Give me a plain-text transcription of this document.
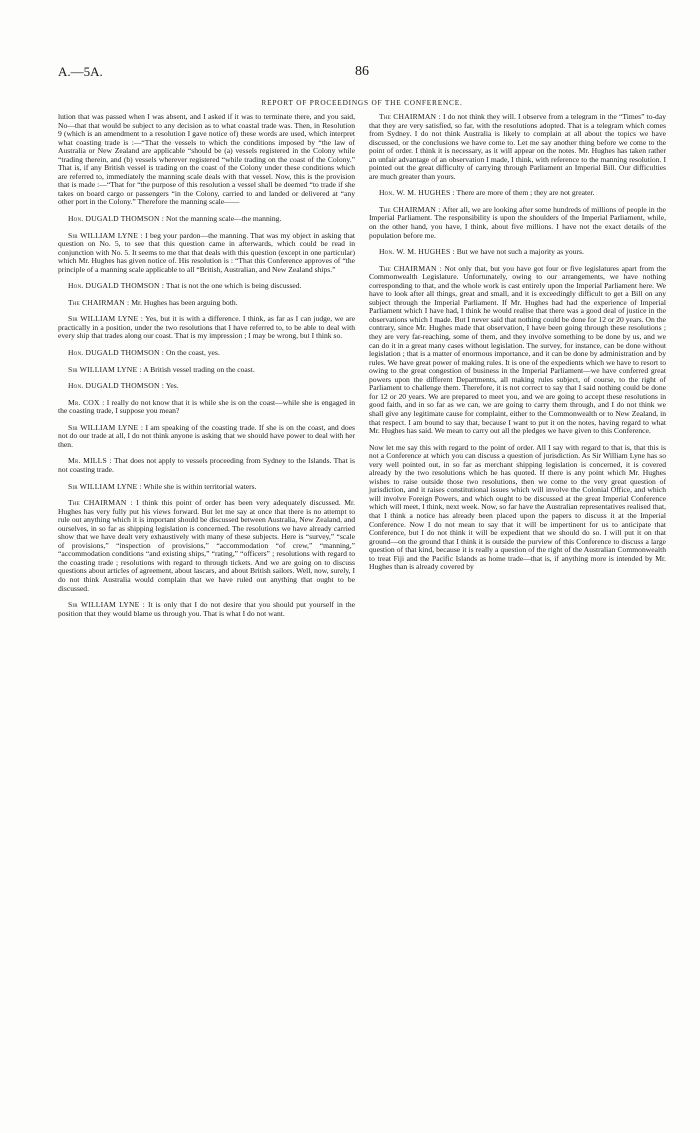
A.—5A.	86
REPORT OF PROCEEDINGS OF THE CONFERENCE.

lution that was passed when I was absent, and I asked if it was to terminate there, and you said, No—that that would be subject to any decision as to what coastal trade was. Then, in Resolution 9 (which is an amendment to a resolution I gave notice of) these words are used, which interpret what coasting trade is :—“That the vessels to which the conditions imposed by “the law of Australia or New Zealand are applicable “should be (a) vessels registered in the Colony while “trading therein, and (b) vessels wherever registered “while trading on the coast of the Colony.” That is, if any British vessel is trading on the coast of the Colony under these conditions which are referred to, immediately the manning scale deals with that vessel. Now, this is the provision that is made :—“That for “the purpose of this resolution a vessel shall be deemed “to trade if she takes on board cargo or passengers “in the Colony, carried to and landed or delivered at “any other port in the Colony.” Therefore the manning scale——

Hon. DUGALD THOMSON : Not the manning scale—the manning.

Sir WILLIAM LYNE : I beg your pardon—the manning. That was my object in asking that question on No. 5, to see that this question came in afterwards, which could be read in conjunction with No. 5. It seems to me that that deals with this question (except in one particular) which Mr. Hughes has given notice of. His resolution is : “That this Conference approves of “the principle of a manning scale applicable to all “British, Australian, and New Zealand ships.”

Hon. DUGALD THOMSON : That is not the one which is being discussed.

The CHAIRMAN : Mr. Hughes has been arguing both.

Sir WILLIAM LYNE : Yes, but it is with a difference. I think, as far as I can judge, we are practically in a position, under the two resolutions that I have referred to, to be able to deal with every ship that trades along our coast. That is my impression ; I may be wrong, but I think so.

Hon. DUGALD THOMSON : On the coast, yes.

Sir WILLIAM LYNE : A British vessel trading on the coast.

Hon. DUGALD THOMSON : Yes.

Mr. COX : I really do not know that it is while she is on the coast—while she is engaged in the coasting trade, I suppose you mean?

Sir WILLIAM LYNE : I am speaking of the coasting trade. If she is on the coast, and does not do our trade at all, I do not think anyone is asking that we should have power to deal with her then.

Mr. MILLS : That does not apply to vessels proceeding from Sydney to the Islands. That is not coasting trade.

Sir WILLIAM LYNE : While she is within territorial waters.

The CHAIRMAN : I think this point of order has been very adequately discussed. Mr. Hughes has very fully put his views forward. But let me say at once that there is no attempt to rule out anything which it is important should be discussed between Australia, New Zealand, and ourselves, in so far as shipping legislation is concerned. The resolutions we have already carried show that we have dealt very exhaustively with many of these subjects. Here is “survey,” “scale of provisions,” “inspection of provisions,” “accommodation “of crew,” “manning,” “accommodation conditions “and existing ships,” “rating,” “officers” ; resolutions with regard to the coasting trade ; resolutions with regard to through tickets. And we are going on to discuss questions about articles of agreement, about lascars, and about British sailors. Well, now, surely, I do not think Australia would complain that we have ruled out anything that ought to be discussed.

Sir WILLIAM LYNE : It is only that I do not desire that you should put yourself in the position that they would blame us through you. That is what I do not want.

The CHAIRMAN : I do not think they will. I observe from a telegram in the “Times” to-day that they are very satisfied, so far, with the resolutions adopted. That is a telegram which comes from Sydney. I do not think Australia is likely to complain at all about the topics we have discussed, or the conclusions we have come to. Let me say another thing before we come to the point of order. I think it is necessary, as it will appear on the notes. Mr. Hughes has taken rather an unfair advantage of an observation I made, I think, with reference to the manning resolution. I pointed out the great difficulty of carrying through Parliament an Imperial Bill. Our difficulties are much greater than yours.

Hon. W. M. HUGHES : There are more of them ; they are not greater.

The CHAIRMAN : After all, we are looking after some hundreds of millions of people in the Imperial Parliament. The responsibility is upon the shoulders of the Imperial Parliament, while, on the other hand, you have, I think, about five millions. I have not the exact details of the population before me.

Hon. W. M. HUGHES : But we have not such a majority as yours.

The CHAIRMAN : Not only that, but you have got four or five legislatures apart from the Commonwealth Legislature. Unfortunately, owing to our arrangements, we have nothing corresponding to that, and the whole work is cast entirely upon the Imperial Parliament here. We have to look after all things, great and small, and it is exceedingly difficult to get a Bill on any subject through the Imperial Parliament. If Mr. Hughes had had the experience of Imperial Parliament which I have had, I think he would realise that there was a good deal of justice in the observations which I made. But I never said that nothing could be done for 12 or 20 years. On the contrary, since Mr. Hughes made that observation, I have been going through these resolutions ; they are very far-reaching, some of them, and they involve something to be done by us, and we can do it in a great many cases without legislation. The survey, for instance, can be done without legislation ; that is a matter of enormous importance, and it can be done by administration and by rules. We have great power of making rules. It is one of the expedients which we have to resort to owing to the great congestion of business in the Imperial Parliament—we have conferred great powers upon the different Departments, all making rules subject, of course, to the right of Parliament to challenge them. Therefore, it is not correct to say that I said nothing could be done for 12 or 20 years. We are prepared to meet you, and we are going to accept these resolutions in good faith, and in so far as we can, we are going to carry them through, and I do not think we shall give any legitimate cause for complaint, either to the Commonwealth or to New Zealand, in that respect. I am bound to say that, because I want to put it on the notes, having regard to what Mr. Hughes has said. We mean to carry out all the pledges we have given to this Conference.

Now let me say this with regard to the point of order. All I say with regard to that is, that this is not a Conference at which you can discuss a question of jurisdiction. As Sir William Lyne has so very well pointed out, in so far as merchant shipping legislation is concerned, it is covered already by the two resolutions which he has quoted. If there is any point which Mr. Hughes wishes to raise outside those two resolutions, then we come to the very great question of jurisdiction, and it raises constitutional issues which will involve the Colonial Office, and which will involve Foreign Powers, and which ought to be discussed at the great Imperial Conference which will meet, I think, next week. Now, so far have the Australian representatives realised that, that I think a notice has already been placed upon the papers to discuss it at the Imperial Conference. Now I do not mean to say that it will be impertinent for us to anticipate that Conference, but I do not think it will be expedient that we should do so. I will put it on that ground—on the ground that I think it is outside the purview of this Conference to discuss a large question of that kind, because it is really a question of the right of the Australian Commonwealth to treat Fiji and the Pacific Islands as home trade—that is, if anything more is intended by Mr. Hughes than is already covered by
